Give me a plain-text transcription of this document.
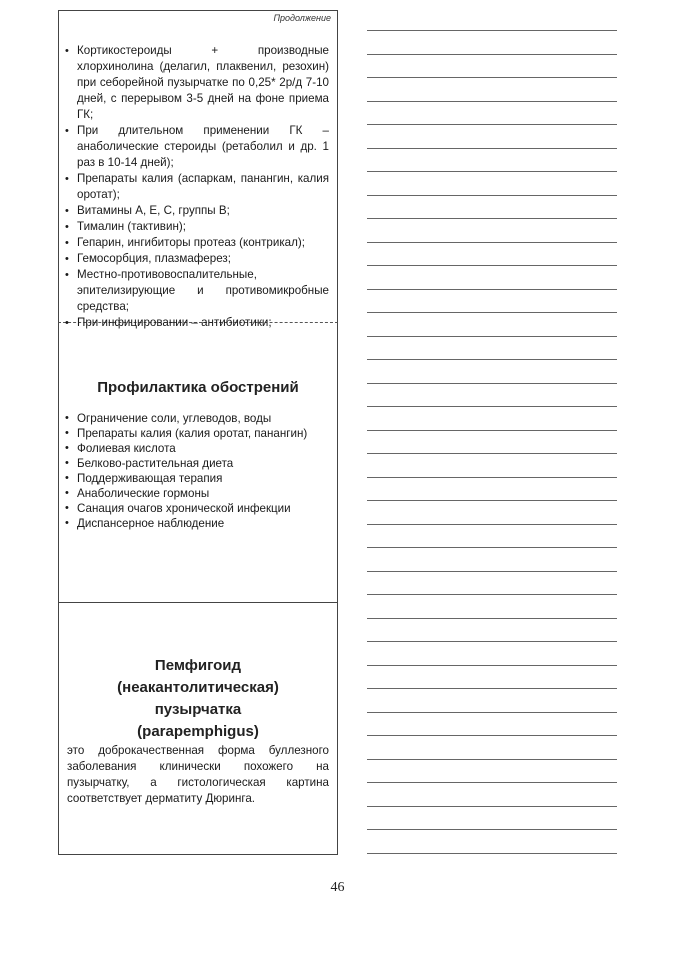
Продолжение
• Кортикостероиды + производные хлорхинолина (делагил, плаквенил, резохин) при себорейной пузырчатке по 0,25* 2р/д 7-10 дней, с перерывом 3-5 дней на фоне приема ГК;
• При длительном применении ГК – анаболические стероиды (ретаболил и др. 1 раз в 10-14 дней);
• Препараты калия (аспаркам, панангин, калия оротат);
• Витамины А, Е, С, группы В;
• Тималин (тактивин);
• Гепарин, ингибиторы протеаз (контрикал);
• Гемосорбция, плазмаферез;
• Местно-противовоспалительные, эпителизирующие и противомикробные средства;
• При инфицировании – антибиотики;
Профилактика обострений
• Ограничение соли, углеводов, воды
• Препараты калия (калия оротат, панангин)
• Фолиевая кислота
• Белково-растительная диета
• Поддерживающая терапия
• Анаболические гормоны
• Санация очагов хронической инфекции
• Диспансерное наблюдение
Пемфигоид
(неакантолитическая)
пузырчатка
(parapemphigus)
это доброкачественная форма буллезного заболевания клинически похожего на пузырчатку, а гистологическая картина соответствует дерматиту Дюринга.
46
